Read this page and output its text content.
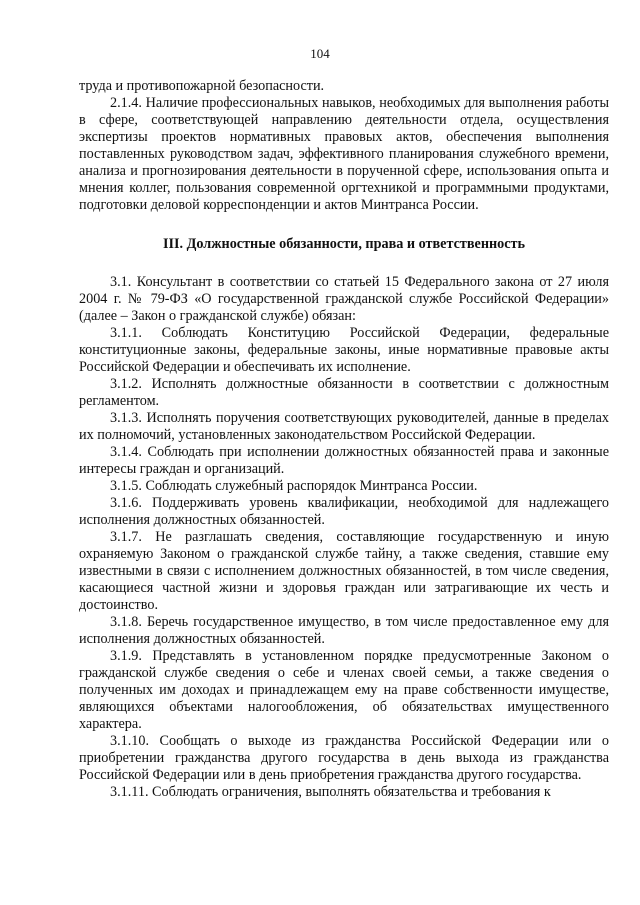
104

труда и противопожарной безопасности.

2.1.4. Наличие профессиональных навыков, необходимых для выполнения работы в сфере, соответствующей направлению деятельности отдела, осуществления экспертизы проектов нормативных правовых актов, обеспечения выполнения поставленных руководством задач, эффективного планирования служебного времени, анализа и прогнозирования деятельности в порученной сфере, использования опыта и мнения коллег, пользования современной оргтехникой и программными продуктами, подготовки деловой корреспонденции и актов Минтранса России.

III. Должностные обязанности, права и ответственность

3.1. Консультант в соответствии со статьей 15 Федерального закона от 27 июля 2004 г. № 79-ФЗ «О государственной гражданской службе Российской Федерации» (далее – Закон о гражданской службе) обязан:

3.1.1. Соблюдать Конституцию Российской Федерации, федеральные конституционные законы, федеральные законы, иные нормативные правовые акты Российской Федерации и обеспечивать их исполнение.

3.1.2. Исполнять должностные обязанности в соответствии с должностным регламентом.

3.1.3. Исполнять поручения соответствующих руководителей, данные в пределах их полномочий, установленных законодательством Российской Федерации.

3.1.4. Соблюдать при исполнении должностных обязанностей права и законные интересы граждан и организаций.

3.1.5. Соблюдать служебный распорядок Минтранса России.

3.1.6. Поддерживать уровень квалификации, необходимой для надлежащего исполнения должностных обязанностей.

3.1.7. Не разглашать сведения, составляющие государственную и иную охраняемую Законом о гражданской службе тайну, а также сведения, ставшие ему известными в связи с исполнением должностных обязанностей, в том числе сведения, касающиеся частной жизни и здоровья граждан или затрагивающие их честь и достоинство.

3.1.8. Беречь государственное имущество, в том числе предоставленное ему для исполнения должностных обязанностей.

3.1.9. Представлять в установленном порядке предусмотренные Законом о гражданской службе сведения о себе и членах своей семьи, а также сведения о полученных им доходах и принадлежащем ему на праве собственности имуществе, являющихся объектами налогообложения, об обязательствах имущественного характера.

3.1.10. Сообщать о выходе из гражданства Российской Федерации или о приобретении гражданства другого государства в день выхода из гражданства Российской Федерации или в день приобретения гражданства другого государства.

3.1.11. Соблюдать ограничения, выполнять обязательства и требования к
